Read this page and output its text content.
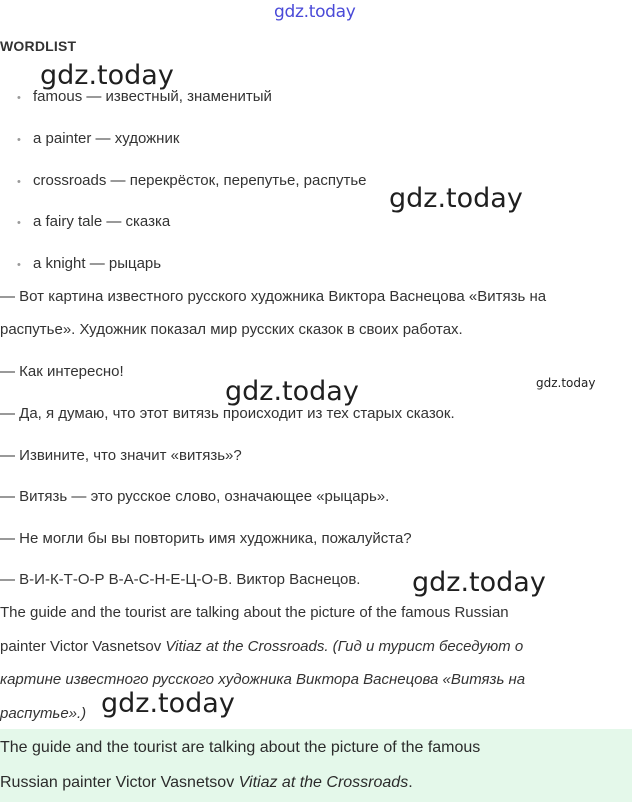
gdz.today
gdz.today
gdz.today
gdz.today	gdz.today
gdz.today
gdz.today
WORDLIST
• famous — известный, знаменитый
• a painter — художник
• crossroads — перекрёсток, перепутье, распутье
• a fairy tale — сказка
• a knight — рыцарь
— Вот картина известного русского художника Виктора Васнецова «Витязь на
распутье». Художник показал мир русских сказок в своих работах.
— Как интересно!
— Да, я думаю, что этот витязь происходит из тех старых сказок.
— Извините, что значит «витязь»?
— Витязь — это русское слово, означающее «рыцарь».
— Не могли бы вы повторить имя художника, пожалуйста?
— В-И-К-Т-О-Р В-А-С-Н-Е-Ц-О-В. Виктор Васнецов.
The guide and the tourist are talking about the picture of the famous Russian
painter Victor Vasnetsov Vitiaz at the Crossroads. (Гид и турист беседуют о
картине известного русского художника Виктора Васнецова «Витязь на
распутье».)
The guide and the tourist are talking about the picture of the famous
Russian painter Victor Vasnetsov Vitiaz at the Crossroads.
